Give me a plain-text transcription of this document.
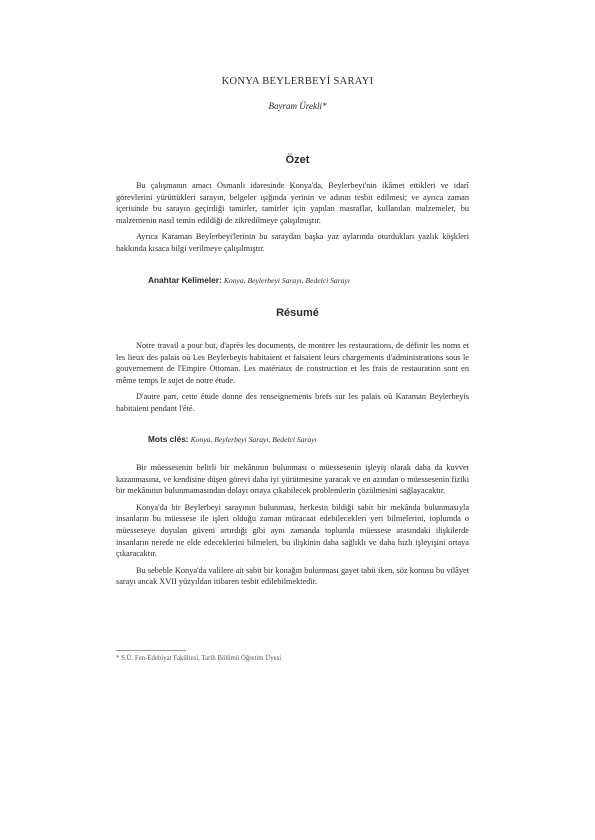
KONYA BEYLERBEYİ SARAYI
Bayram Ürekli*
Özet

Bu çalışmanın amacı Osmanlı idaresinde Konya'da, Beylerbeyi'nin ikâmet ettikleri ve idarî görevlerini yürüttükleri sarayın, belgeler ışığında yerinin ve adının tesbit edilmesi; ve ayrıca zaman içerisinde bu sarayın geçirdiği tamirler, tamirler için yapılan masraflar, kullanılan malzemeler, bu malzemenin nasıl temin edildiği de zikredilmeye çalışılmıştır.

Ayrıca Karaman Beylerbeyi'lerinin bu saraydan başka yaz aylarında oturdukları yazlık köşkleri hakkında kısaca bilgi verilmeye çalışılmıştır.

Anahtar Kelimeler: Konya, Beylerbeyi Sarayı, Bedelci Sarayı
Résumé

Notre travail a pour but, d'après les documents, de montrer les restaurations, de définir les noms et les lieux des palais où Les Beylerbeyis habitaient et faisaient leurs chargements d'administrations sous le gouvernement de l'Empire Ottoman. Les matériaux de construction et les frais de restauration sont en même temps le sujet de notre étude.

D'autre part, cette étude donne des renseignements brefs sur les palais où Karaman Beylerbeyis habitaient pendant l'été.

Mots clés: Konya, Beylerbeyi Sarayı, Bedelci Sarayı

Bir müessesenin belirli bir mekânının bulunması o müessesenin işleyiş olarak daha da kuvvet kazanmasına, ve kendisine düşen görevi daha iyi yürütmesine yaracak ve en azından o müessesenin fiziki bir mekânının bulunmamasından dolayı ortaya çıkabilecek problemlerin çözülmesini sağlayacaktır.

Konya'da bir Beylerbeyi sarayının bulunması, herkesin bildiği sabit bir mekânda bulunmasıyla insanların bu müessese ile işleri olduğu zaman müracaat edebilecekleri yeri bilmelerini, toplumda o müesseseye duyulan güveni artırdığı gibi aynı zamanda toplumla müessese arasındaki ilişkilerde insanların nerede ne elde edeceklerini bilmeleri, bu ilişkinin daha sağlıklı ve daha hızlı işleyişini ortaya çıkaracaktır.

Bu sebeble Konya'da valilere ait sabit bir konağın bulunması gayet tabii iken, söz konusu bu vilâyet sarayı ancak XVII yüzyıldan itibaren tesbit edilebilmektedir.

* S.Ü. Fen-Edebiyat Fakültesi, Tarih Bölümü Öğretim Üyesi
